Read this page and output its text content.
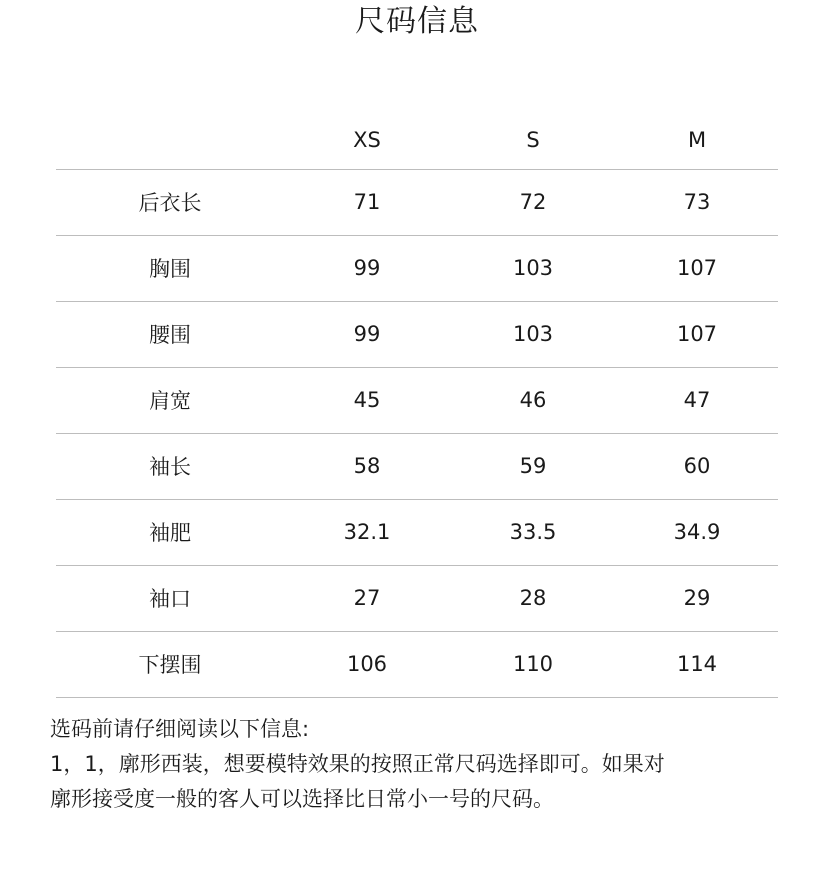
尺码信息
	XS	S	M
后衣长	71	72	73
胸围	99	103	107
腰围	99	103	107
肩宽	45	46	47
袖长	58	59	60
袖肥	32.1	33.5	34.9
袖口	27	28	29
下摆围	106	110	114
选码前请仔细阅读以下信息:
1，1，廓形西装，想要模特效果的按照正常尺码选择即可。如果对
廓形接受度一般的客人可以选择比日常小一号的尺码。
